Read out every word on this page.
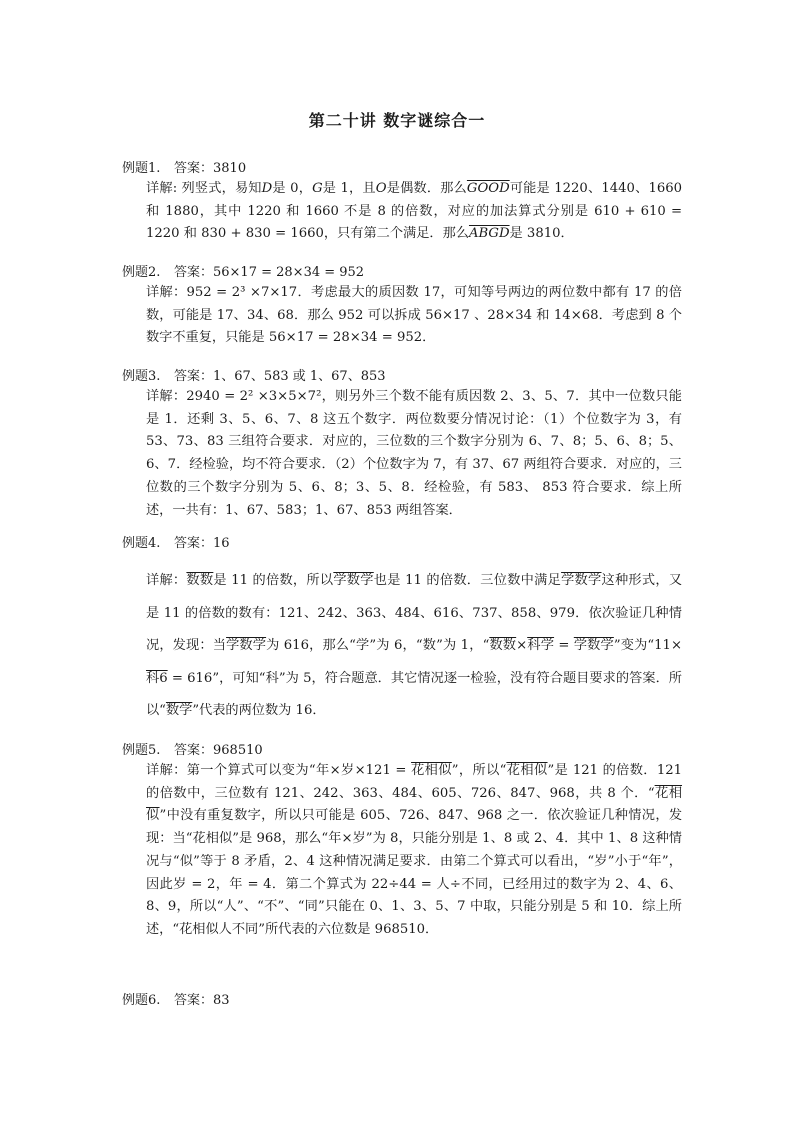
第二十讲 数字谜综合一
例题1. 答案：3810

详解: 列竖式，易知D是 0，G是 1，且O是偶数．那么GOOD可能是 1220、1440、1660 和 1880，其中 1220 和 1660 不是 8 的倍数，对应的加法算式分别是 610 + 610 = 1220 和 830 + 830 = 1660，只有第二个满足．那么ABGD是 3810．

例题2. 答案：56×17 = 28×34 = 952

详解：952 = 2³ ×7×17．考虑最大的质因数 17，可知等号两边的两位数中都有 17 的倍数，可能是 17、34、68．那么 952 可以拆成 56×17 、28×34 和 14×68．考虑到 8 个数字不重复，只能是 56×17 = 28×34 = 952．

例题3. 答案：1、67、583 或 1、67、853

详解：2940 = 2² ×3×5×7²，则另外三个数不能有质因数 2、3、5、7．其中一位数只能是 1．还剩 3、5、6、7、8 这五个数字．两位数要分情况讨论：（1）个位数字为 3，有 53、73、83 三组符合要求．对应的，三位数的三个数字分别为 6、7、8；5、6、8；5、6、7．经检验，均不符合要求．（2）个位数字为 7，有 37、67 两组符合要求．对应的，三位数的三个数字分别为 5、6、8；3、5、8．经检验，有 583、 853 符合要求．综上所述，一共有：1、67、583；1、67、853 两组答案．

例题4. 答案：16

详解：数数是 11 的倍数，所以学数学也是 11 的倍数．三位数中满足学数学这种形式，又是 11 的倍数的数有：121、242、363、484、616、737、858、979．依次验证几种情况，发现：当学数学为 616，那么“学”为 6，“数”为 1，“数数×科学 = 学数学”变为“11×科6 = 616”，可知“科”为 5，符合题意．其它情况逐一检验，没有符合题目要求的答案．所以“数学”代表的两位数为 16．

例题5. 答案：968510

详解：第一个算式可以变为“年×岁×121 = 花相似”，所以“花相似”是 121 的倍数．121 的倍数中，三位数有 121、242、363、484、605、726、847、968，共 8 个．“花相似”中没有重复数字，所以只可能是 605、726、847、968 之一．依次验证几种情况，发现：当“花相似”是 968，那么“年×岁”为 8，只能分别是 1、8 或 2、4．其中 1、8 这种情况与“似”等于 8 矛盾，2、4 这种情况满足要求．由第二个算式可以看出，“岁”小于“年”，因此岁 = 2，年 = 4．第二个算式为 22÷44 = 人÷不同，已经用过的数字为 2、4、6、8、9，所以“人”、“不”、“同”只能在 0、1、3、5、7 中取，只能分别是 5 和 10．综上所述，“花相似人不同”所代表的六位数是 968510．

例题6. 答案：83
